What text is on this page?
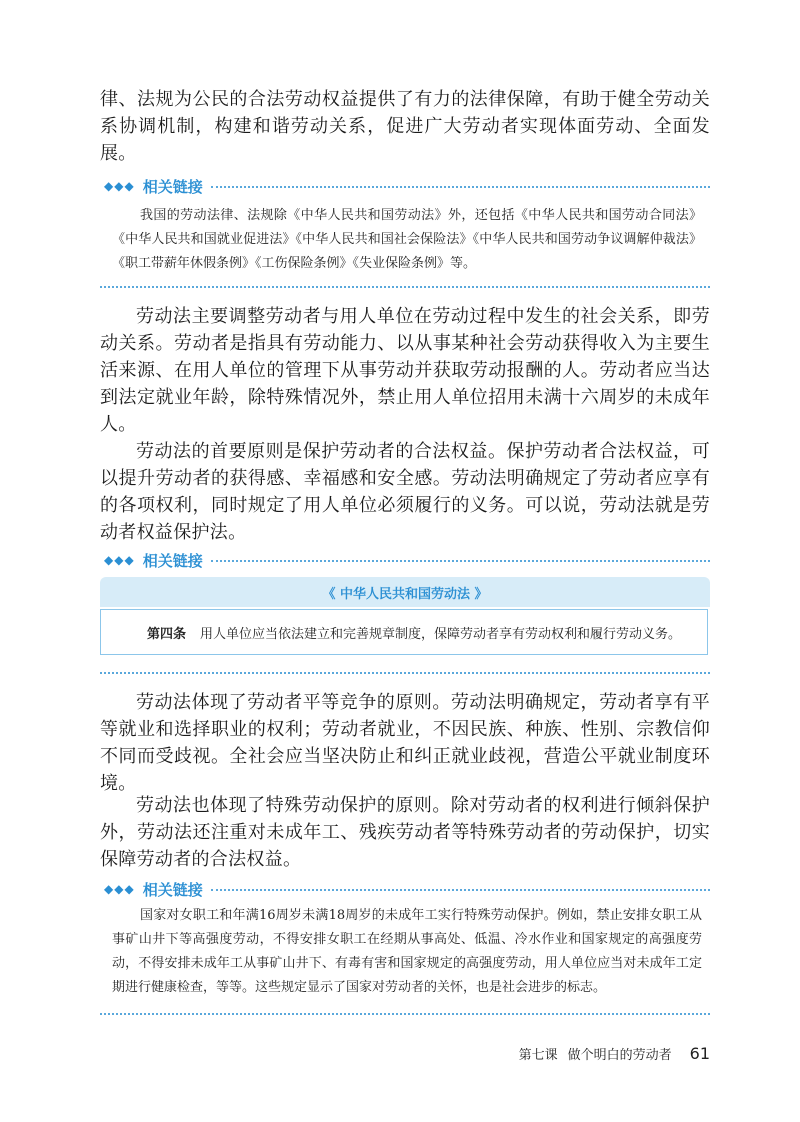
律、法规为公民的合法劳动权益提供了有力的法律保障，有助于健全劳动关系协调机制，构建和谐劳动关系，促进广大劳动者实现体面劳动、全面发展。

◆◆◆ 相关链接

我国的劳动法律、法规除《中华人民共和国劳动法》外，还包括《中华人民共和国劳动合同法》《中华人民共和国就业促进法》《中华人民共和国社会保险法》《中华人民共和国劳动争议调解仲裁法》《职工带薪年休假条例》《工伤保险条例》《失业保险条例》等。

劳动法主要调整劳动者与用人单位在劳动过程中发生的社会关系，即劳动关系。劳动者是指具有劳动能力、以从事某种社会劳动获得收入为主要生活来源、在用人单位的管理下从事劳动并获取劳动报酬的人。劳动者应当达到法定就业年龄，除特殊情况外，禁止用人单位招用未满十六周岁的未成年人。

劳动法的首要原则是保护劳动者的合法权益。保护劳动者合法权益，可以提升劳动者的获得感、幸福感和安全感。劳动法明确规定了劳动者应享有的各项权利，同时规定了用人单位必须履行的义务。可以说，劳动法就是劳动者权益保护法。

◆◆◆ 相关链接
《 中华人民共和国劳动法 》
第四条 用人单位应当依法建立和完善规章制度，保障劳动者享有劳动权利和履行劳动义务。

劳动法体现了劳动者平等竞争的原则。劳动法明确规定，劳动者享有平等就业和选择职业的权利；劳动者就业，不因民族、种族、性别、宗教信仰不同而受歧视。全社会应当坚决防止和纠正就业歧视，营造公平就业制度环境。

劳动法也体现了特殊劳动保护的原则。除对劳动者的权利进行倾斜保护外，劳动法还注重对未成年工、残疾劳动者等特殊劳动者的劳动保护，切实保障劳动者的合法权益。

◆◆◆ 相关链接

国家对女职工和年满16周岁未满18周岁的未成年工实行特殊劳动保护。例如，禁止安排女职工从事矿山井下等高强度劳动，不得安排女职工在经期从事高处、低温、冷水作业和国家规定的高强度劳动，不得安排未成年工从事矿山井下、有毒有害和国家规定的高强度劳动，用人单位应当对未成年工定期进行健康检查，等等。这些规定显示了国家对劳动者的关怀，也是社会进步的标志。

第七课 做个明白的劳动者 61
